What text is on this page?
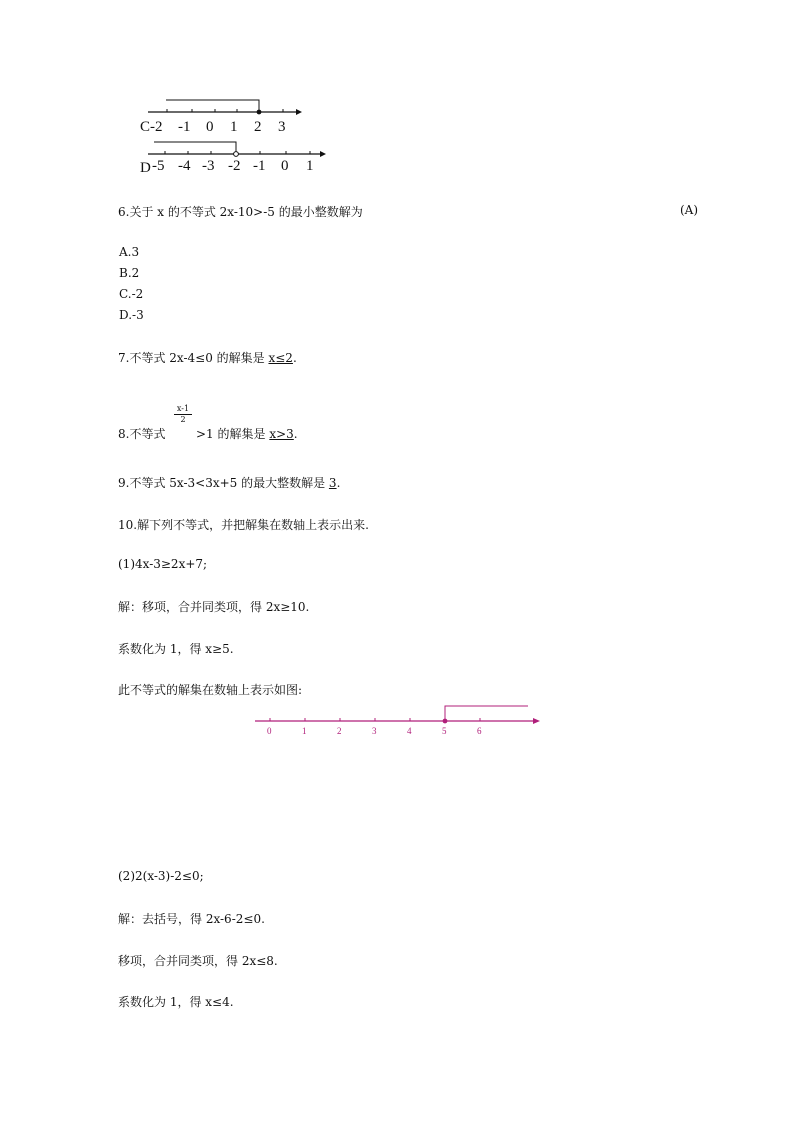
C -2 -1 0 1 2 3
D -5 -4 -3 -2 -1 0 1
6.关于 x 的不等式 2x-10>-5 的最小整数解为	(A)
A.3
B.2
C.-2
D.-3
7.不等式 2x-4≤0 的解集是 x≤2.
x-1
2
8.不等式	>1 的解集是 x>3.
9.不等式 5x-3<3x+5 的最大整数解是 3.
10.解下列不等式，并把解集在数轴上表示出来.
(1)4x-3≥2x+7;
解：移项，合并同类项，得 2x≥10.
系数化为 1，得 x≥5.
此不等式的解集在数轴上表示如图:
0	1	2	3	4	5	6
(2)2(x-3)-2≤0;
解：去括号，得 2x-6-2≤0.
移项，合并同类项，得 2x≤8.
系数化为 1，得 x≤4.
